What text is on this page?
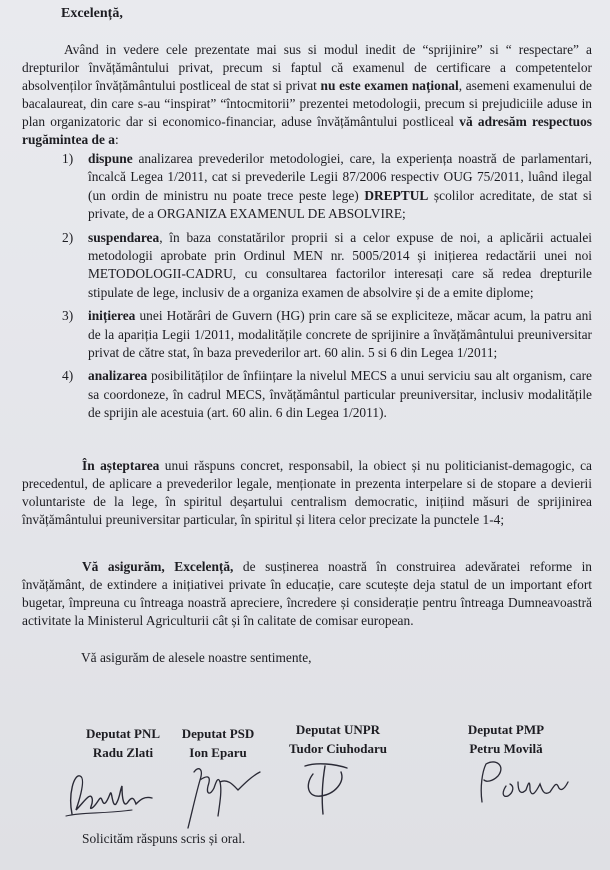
Excelență,
Având in vedere cele prezentate mai sus si modul inedit de “sprijinire” si “ respectare” a drepturilor învățământului privat, precum si faptul că examenul de certificare a competentelor absolvenților învățământului postliceal de stat si privat nu este examen național, asemeni examenului de bacalaureat, din care s-au “inspirat” “întocmitorii” prezentei metodologii, precum si prejudiciile aduse in plan organizatoric dar si economico-financiar, aduse învățământului postliceal vă adresăm respectuos rugămintea de a:
1) dispune analizarea prevederilor metodologiei, care, la experiența noastră de parlamentari, încalcă Legea 1/2011, cat si prevederile Legii 87/2006 respectiv OUG 75/2011, luând ilegal (un ordin de ministru nu poate trece peste lege) DREPTUL școlilor acreditate, de stat si private, de a ORGANIZA EXAMENUL DE ABSOLVIRE;
2) suspendarea, în baza constatărilor proprii si a celor expuse de noi, a aplicării actualei metodologii aprobate prin Ordinul MEN nr. 5005/2014 și inițierea redactării unei noi METODOLOGII-CADRU, cu consultarea factorilor interesați care să redea drepturile stipulate de lege, inclusiv de a organiza examen de absolvire și de a emite diplome;
3) inițierea unei Hotărâri de Guvern (HG) prin care să se expliciteze, măcar acum, la patru ani de la apariția Legii 1/2011, modalitățile concrete de sprijinire a învățământului preuniversitar privat de către stat, în baza prevederilor art. 60 alin. 5 si 6 din Legea 1/2011;
4) analizarea posibilităților de înființare la nivelul MECS a unui serviciu sau alt organism, care sa coordoneze, în cadrul MECS, învățământul particular preuniversitar, inclusiv modalitățile de sprijin ale acestuia (art. 60 alin. 6 din Legea 1/2011).
În așteptarea unui răspuns concret, responsabil, la obiect și nu politicianist-demagogic, ca precedentul, de aplicare a prevederilor legale, menționate in prezenta interpelare si de stopare a devierii voluntariste de la lege, în spiritul deșartului centralism democratic, inițiind măsuri de sprijinirea învățământului preuniversitar particular, în spiritul și litera celor precizate la punctele 1-4;
Vă asigurăm, Excelență, de susținerea noastră în construirea adevăratei reforme in învățământ, de extindere a inițiativei private în educație, care scutește deja statul de un important efort bugetar, împreuna cu întreaga noastră apreciere, încredere și considerație pentru întreaga Dumneavoastră activitate la Ministerul Agriculturii cât și în calitate de comisar european.
Vă asigurăm de alesele noastre sentimente,
Deputat PNL
Radu Zlati
Deputat PSD
Ion Eparu
Deputat UNPR
Tudor Ciuhodaru
Deputat PMP
Petru Movilă
Solicităm răspuns scris și oral.
